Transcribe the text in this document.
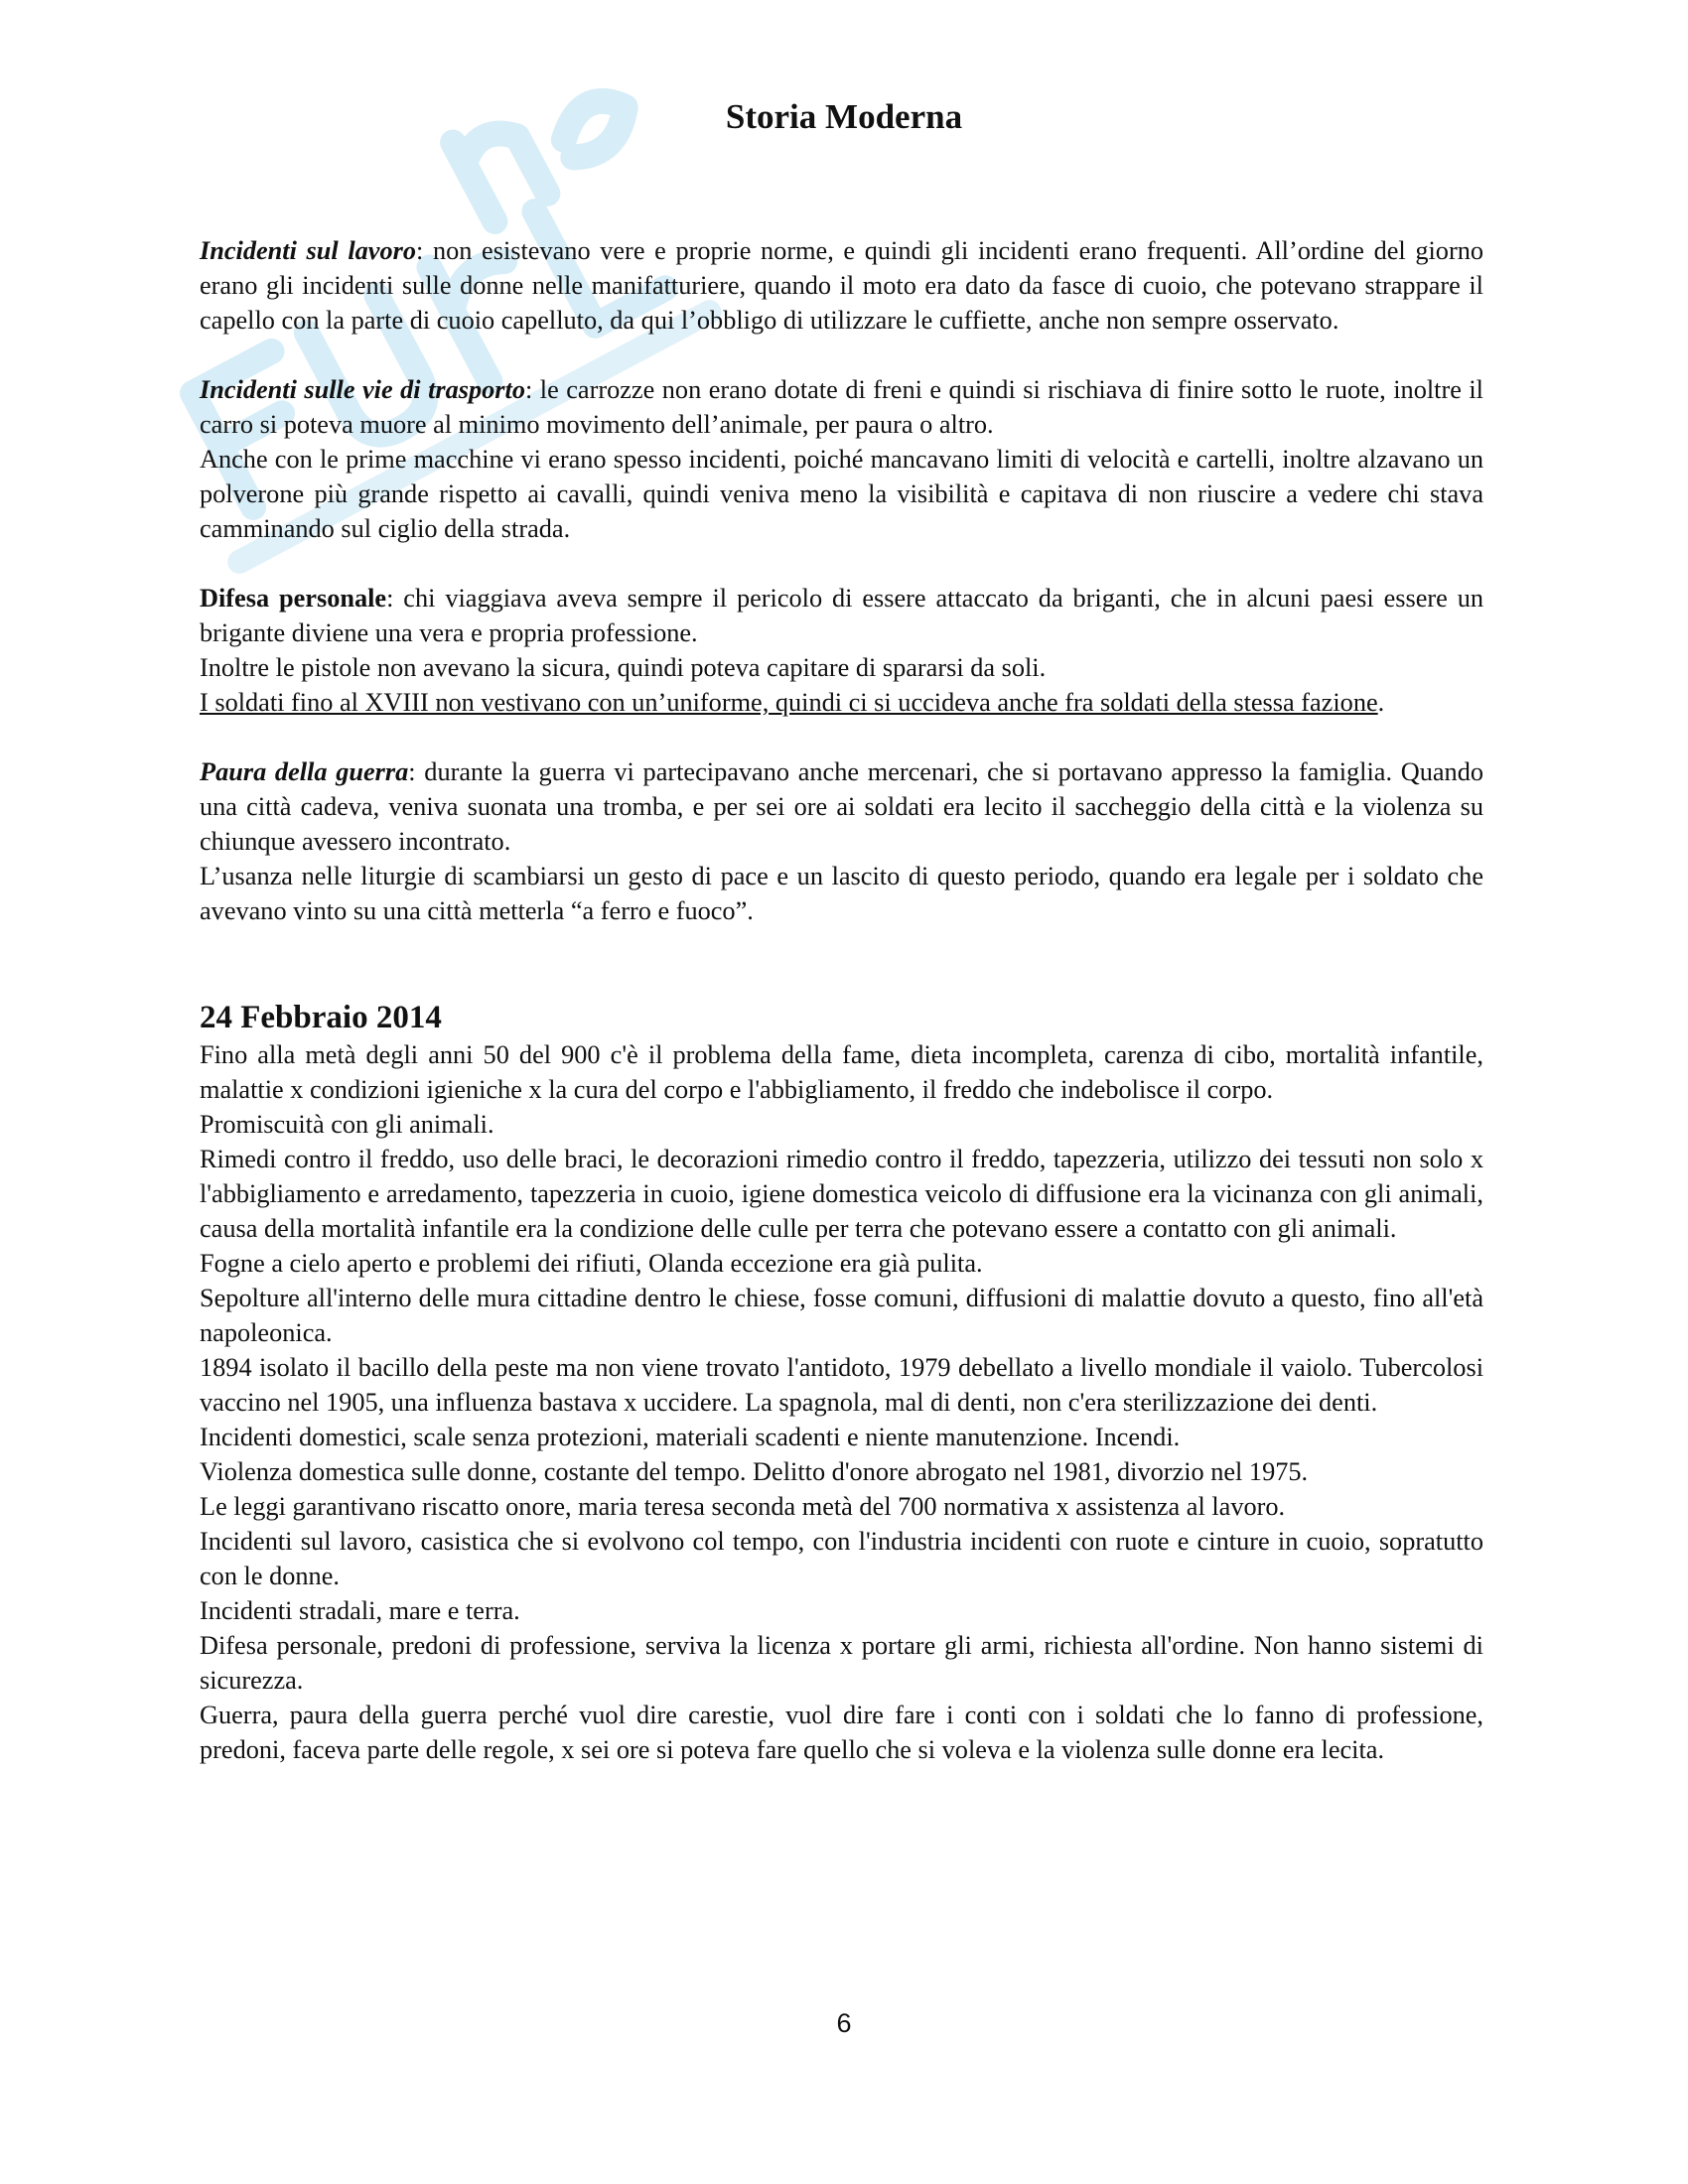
Storia Moderna

Incidenti sul lavoro: non esistevano vere e proprie norme, e quindi gli incidenti erano frequenti. All’ordine del giorno erano gli incidenti sulle donne nelle manifatturiere, quando il moto era dato da fasce di cuoio, che potevano strappare il capello con la parte di cuoio capelluto, da qui l’obbligo di utilizzare le cuffiette, anche non sempre osservato.

Incidenti sulle vie di trasporto: le carrozze non erano dotate di freni e quindi si rischiava di finire sotto le ruote, inoltre il carro si poteva muore al minimo movimento dell’animale, per paura o altro.

Anche con le prime macchine vi erano spesso incidenti, poiché mancavano limiti di velocità e cartelli, inoltre alzavano un polverone più grande rispetto ai cavalli, quindi veniva meno la visibilità e capitava di non riuscire a vedere chi stava camminando sul ciglio della strada.

Difesa personale: chi viaggiava aveva sempre il pericolo di essere attaccato da briganti, che in alcuni paesi essere un brigante diviene una vera e propria professione.

Inoltre le pistole non avevano la sicura, quindi poteva capitare di spararsi da soli.

I soldati fino al XVIII non vestivano con un’uniforme, quindi ci si uccideva anche fra soldati della stessa fazione.

Paura della guerra: durante la guerra vi partecipavano anche mercenari, che si portavano appresso la famiglia. Quando una città cadeva, veniva suonata una tromba, e per sei ore ai soldati era lecito il saccheggio della città e la violenza su chiunque avessero incontrato.

L’usanza nelle liturgie di scambiarsi un gesto di pace e un lascito di questo periodo, quando era legale per i soldato che avevano vinto su una città metterla “a ferro e fuoco”.

24 Febbraio 2014

Fino alla metà degli anni 50 del 900 c'è il problema della fame, dieta incompleta, carenza di cibo, mortalità infantile, malattie x condizioni igieniche x la cura del corpo e l'abbigliamento, il freddo che indebolisce il corpo.

Promiscuità con gli animali.

Rimedi contro il freddo, uso delle braci, le decorazioni rimedio contro il freddo, tapezzeria, utilizzo dei tessuti non solo x l'abbigliamento e arredamento, tapezzeria in cuoio, igiene domestica veicolo di diffusione era la vicinanza con gli animali, causa della mortalità infantile era la condizione delle culle per terra che potevano essere a contatto con gli animali.

Fogne a cielo aperto e problemi dei rifiuti, Olanda eccezione era già pulita.

Sepolture all'interno delle mura cittadine dentro le chiese, fosse comuni, diffusioni di malattie dovuto a questo, fino all'età napoleonica.

1894 isolato il bacillo della peste ma non viene trovato l'antidoto, 1979 debellato a livello mondiale il vaiolo. Tubercolosi vaccino nel 1905, una influenza bastava x uccidere. La spagnola, mal di denti, non c'era sterilizzazione dei denti.

Incidenti domestici, scale senza protezioni, materiali scadenti e niente manutenzione. Incendi.

Violenza domestica sulle donne, costante del tempo. Delitto d'onore abrogato nel 1981, divorzio nel 1975.

Le leggi garantivano riscatto onore, maria teresa seconda metà del 700 normativa x assistenza al lavoro.

Incidenti sul lavoro, casistica che si evolvono col tempo, con l'industria incidenti con ruote e cinture in cuoio, sopratutto con le donne.

Incidenti stradali, mare e terra.

Difesa personale, predoni di professione, serviva la licenza x portare gli armi, richiesta all'ordine. Non hanno sistemi di sicurezza.

Guerra, paura della guerra perché vuol dire carestie, vuol dire fare i conti con i soldati che lo fanno di professione, predoni, faceva parte delle regole, x sei ore si poteva fare quello che si voleva e la violenza sulle donne era lecita.

6
